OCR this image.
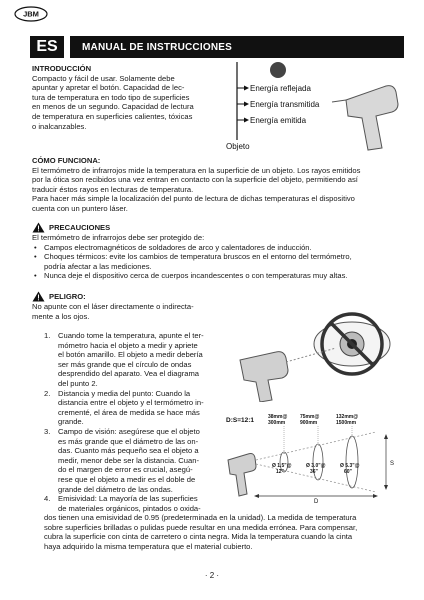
JBM
ES	MANUAL DE INSTRUCCIONES
INTRODUCCIÓN
Compacto y fácil de usar. Solamente debe
apuntar y apretar el botón. Capacidad de lec-
tura de temperatura en todo tipo de superficies
en menos de un segundo. Capacidad de lectura
de temperatura en superficies calientes, tóxicas
o inalcanzables.
Energía reflejada
Energía transmitida
Energía emitida
Objeto
CÓMO FUNCIONA:
El termómetro de infrarrojos mide la temperatura en la superficie de un objeto. Los rayos emitidos
por la ótica son recibidos una vez entran en contacto con la superficie del objeto, permitiendo así
traducir éstos rayos en lecturas de temperatura.
Para hacer más simple la localización del punto de lectura de dichas temperaturas el dispositivo
cuenta con un puntero láser.
PRECAUCIONES
El termómetro de infrarrojos debe ser protegido de:
• Campos electromagnéticos de soldadores de arco y calentadores de inducción.
• Choques térmicos: evite los cambios de temperatura bruscos en el entorno del termómetro,
podría afectar a las mediciones.
• Nunca deje el dispositivo cerca de cuerpos incandescentes o con temperaturas muy altas.
PELIGRO:
No apunte con el láser directamente o indirecta-
mente a los ojos.
1. Cuando tome la temperatura, apunte el ter-
mómetro hacia el objeto a medir y apriete
el botón amarillo. El objeto a medir debería
ser más grande que el círculo de ondas
desprendido del aparato. Vea el diagrama
del punto 2.
2. Distancia y media del punto: Cuando la
distancia entre el objeto y el termómetro in-
crementé, el área de medida se hace más
grande.
3. Campo de visión: asegúrese que el objeto
es más grande que el diámetro de las on-
das. Cuanto más pequeño sea el objeto a
medir, menor debe ser la distancia. Cuan-
do el margen de error es crucial, asegú-
rese que el objeto a medir es el doble de
grande del diámetro de las ondas.
4. Emisividad: La mayoría de las superficies
de materiales orgánicos, pintados o oxida-
dos tienen una emisividad de 0.95 (predeterminada en la unidad). La medida de temperatura
sobre superficies brilladas o pulidas puede resultar en una medida errónea. Para compensar,
cubra la superficie con cinta de carretero o cinta negra. Mida la temperatura cuando la cinta
haya adquirido la misma temperatura que el material cubierto.
D:S=12:1	38mm@
300mm
75mm@
900mm
132mm@
1500mm
Ø 1.5"@
12"
Ø 3.0"@
36"
Ø 5.3"@
60"
S
D
· 2 ·
